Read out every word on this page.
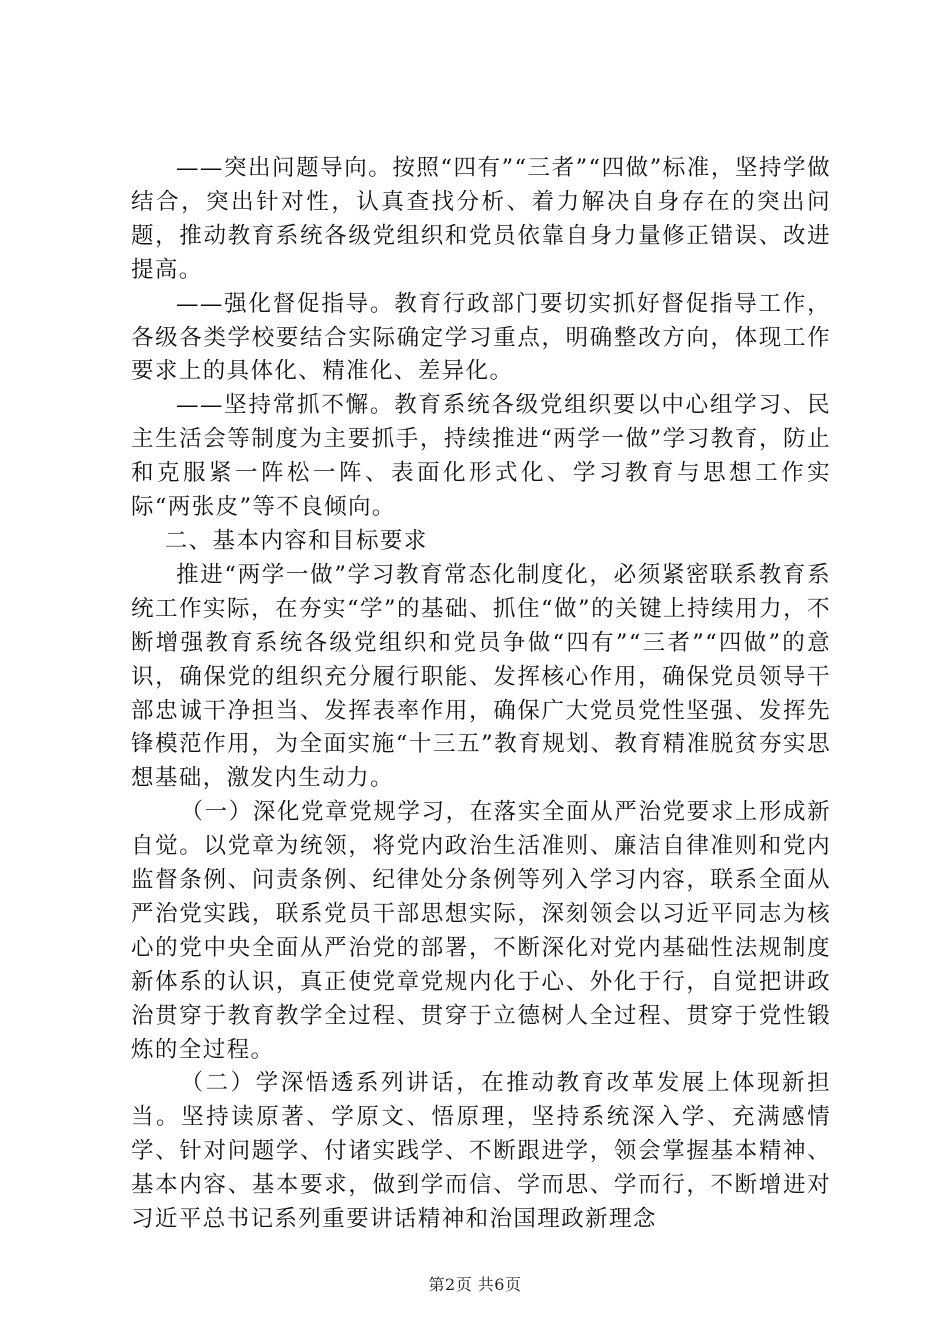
——突出问题导向。按照“四有”“三者”“四做”标准，坚持学做结合，突出针对性，认真查找分析、着力解决自身存在的突出问题，推动教育系统各级党组织和党员依靠自身力量修正错误、改进提高。

——强化督促指导。教育行政部门要切实抓好督促指导工作，各级各类学校要结合实际确定学习重点，明确整改方向，体现工作要求上的具体化、精准化、差异化。

——坚持常抓不懈。教育系统各级党组织要以中心组学习、民主生活会等制度为主要抓手，持续推进“两学一做”学习教育，防止和克服紧一阵松一阵、表面化形式化、学习教育与思想工作实际“两张皮”等不良倾向。

二、基本内容和目标要求

推进“两学一做”学习教育常态化制度化，必须紧密联系教育系统工作实际，在夯实“学”的基础、抓住“做”的关键上持续用力，不断增强教育系统各级党组织和党员争做“四有”“三者”“四做”的意识，确保党的组织充分履行职能、发挥核心作用，确保党员领导干部忠诚干净担当、发挥表率作用，确保广大党员党性坚强、发挥先锋模范作用，为全面实施“十三五”教育规划、教育精准脱贫夯实思想基础，激发内生动力。

（一）深化党章党规学习，在落实全面从严治党要求上形成新自觉。以党章为统领，将党内政治生活准则、廉洁自律准则和党内监督条例、问责条例、纪律处分条例等列入学习内容，联系全面从严治党实践，联系党员干部思想实际，深刻领会以习近平同志为核心的党中央全面从严治党的部署，不断深化对党内基础性法规制度新体系的认识，真正使党章党规内化于心、外化于行，自觉把讲政治贯穿于教育教学全过程、贯穿于立德树人全过程、贯穿于党性锻炼的全过程。

（二）学深悟透系列讲话，在推动教育改革发展上体现新担当。坚持读原著、学原文、悟原理，坚持系统深入学、充满感情学、针对问题学、付诸实践学、不断跟进学，领会掌握基本精神、基本内容、基本要求，做到学而信、学而思、学而行，不断增进对习近平总书记系列重要讲话精神和治国理政新理念

第2页 共6页
